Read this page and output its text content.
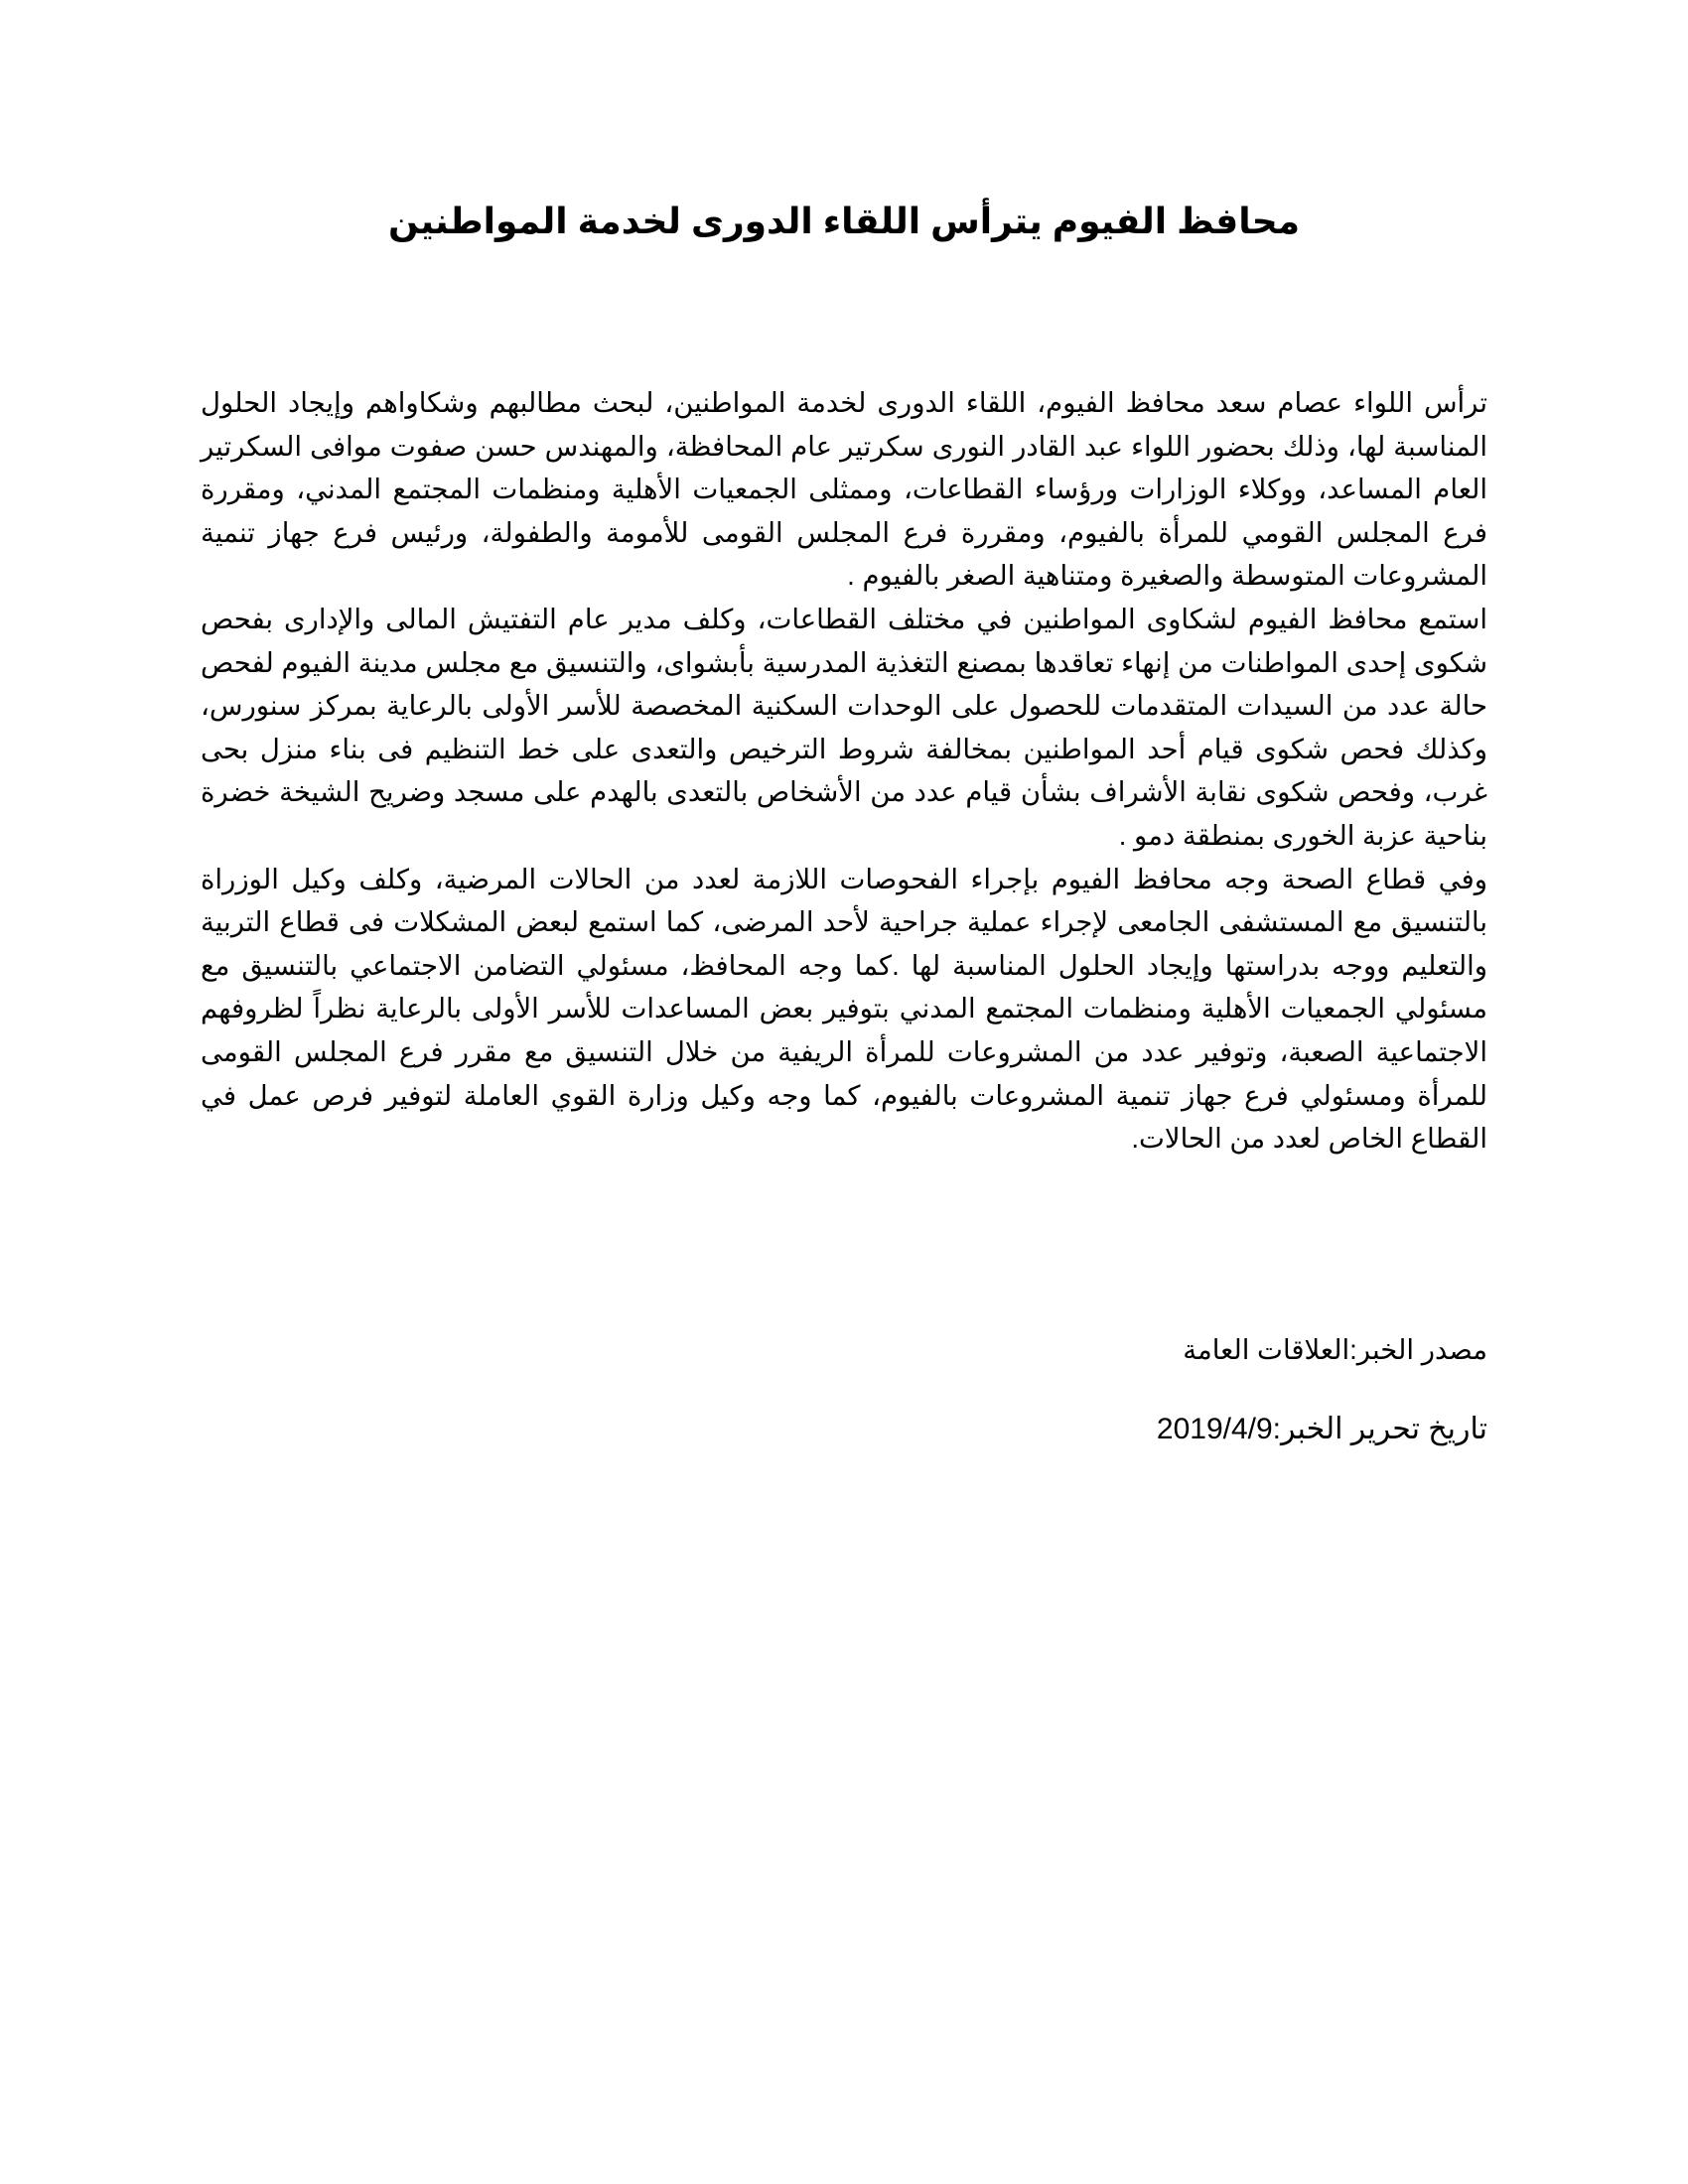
محافظ الفيوم يترأس اللقاء الدورى لخدمة المواطنين

ترأس اللواء عصام سعد محافظ الفيوم، اللقاء الدورى لخدمة المواطنين، لبحث مطالبهم وشكاواهم وإيجاد الحلول المناسبة لها، وذلك بحضور اللواء عبد القادر النورى سكرتير عام المحافظة، والمهندس حسن صفوت موافى السكرتير العام المساعد، ووكلاء الوزارات ورؤساء القطاعات، وممثلى الجمعيات الأهلية ومنظمات المجتمع المدني، ومقررة فرع المجلس القومي للمرأة بالفيوم، ومقررة فرع المجلس القومى للأمومة والطفولة، ورئيس فرع جهاز تنمية المشروعات المتوسطة والصغيرة ومتناهية الصغر بالفيوم .

استمع محافظ الفيوم لشكاوى المواطنين في مختلف القطاعات، وكلف مدير عام التفتيش المالى والإدارى بفحص شكوى إحدى المواطنات من إنهاء تعاقدها بمصنع التغذية المدرسية بأبشواى، والتنسيق مع مجلس مدينة الفيوم لفحص حالة عدد من السيدات المتقدمات للحصول على الوحدات السكنية المخصصة للأسر الأولى بالرعاية بمركز سنورس، وكذلك فحص شكوى قيام أحد المواطنين بمخالفة شروط الترخيص والتعدى على خط التنظيم فى بناء منزل بحى غرب، وفحص شكوى نقابة الأشراف بشأن قيام عدد من الأشخاص بالتعدى بالهدم على مسجد وضريح الشيخة خضرة بناحية عزبة الخورى بمنطقة دمو .

وفي قطاع الصحة وجه محافظ الفيوم بإجراء الفحوصات اللازمة لعدد من الحالات المرضية، وكلف وكيل الوزراة بالتنسيق مع المستشفى الجامعى لإجراء عملية جراحية لأحد المرضى، كما استمع لبعض المشكلات فى قطاع التربية والتعليم ووجه بدراستها وإيجاد الحلول المناسبة لها .كما وجه المحافظ، مسئولي التضامن الاجتماعي بالتنسيق مع مسئولي الجمعيات الأهلية ومنظمات المجتمع المدني بتوفير بعض المساعدات للأسر الأولى بالرعاية نظراً لظروفهم الاجتماعية الصعبة، وتوفير عدد من المشروعات للمرأة الريفية من خلال التنسيق مع مقرر فرع المجلس القومى للمرأة ومسئولي فرع جهاز تنمية المشروعات بالفيوم، كما وجه وكيل وزارة القوي العاملة لتوفير فرص عمل في القطاع الخاص لعدد من الحالات.

مصدر الخبر:العلاقات العامة
تاريخ تحرير الخبر:2019/4/9
